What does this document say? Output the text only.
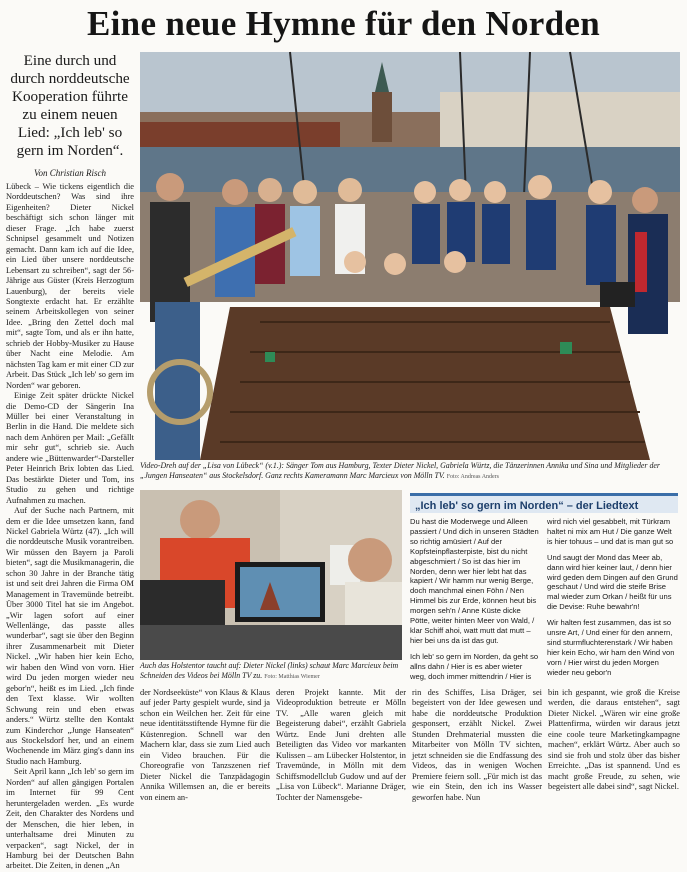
Eine neue Hymne für den Norden
Eine durch und durch norddeutsche Kooperation führte zu einem neuen Lied: „Ich leb' so gern im Norden“.
Von Christian Risch

Lübeck – Wie tickens eigentlich die Norddeutschen? Was sind ihre Eigenheiten? Dieter Nickel beschäftigt sich schon länger mit dieser Frage. „Ich habe zuerst Schnipsel gesammelt und Notizen gemacht. Dann kam ich auf die Idee, ein Lied über unsere norddeutsche Lebensart zu schreiben“, sagt der 56-Jährige aus Güster (Kreis Herzogtum Lauenburg), der bereits viele Songtexte erdacht hat. Er erzählte seinem Arbeitskollegen von seiner Idee. „Bring den Zettel doch mal mit“, sagte Tom, und als er ihn hatte, schrieb der Hobby-Musiker zu Hause über Nacht eine Melodie. Am nächsten Tag kam er mit einer CD zur Arbeit. Das Stück „Ich leb' so gern im Norden“ war geboren.

Einige Zeit später drückte Nickel die Demo-CD der Sängerin Ina Müller bei einer Veranstaltung in Berlin in die Hand. Die meldete sich nach dem Anhören per Mail: „Gefällt mir sehr gut“, schrieb sie. Auch andere wie „Büttenwarder“-Darsteller Peter Heinrich Brix lobten das Lied. Das bestärkte Dieter und Tom, ins Studio zu gehen und richtige Aufnahmen zu machen.

Auf der Suche nach Partnern, mit dem er die Idee umsetzen kann, fand Nickel Gabriela Würtz (47). „Ich will die norddeutsche Musik vorantreiben. Wir müssen den Bayern ja Paroli bieten“, sagt die Musikmanagerin, die schon 30 Jahre in der Branche tätig ist und seit drei Jahren die Firma OM Management in Travemünde betreibt. Über 3000 Titel hat sie im Angebot. „Wir lagen sofort auf einer Wellenlänge, das passte alles wunderbar“, sagt sie über den Beginn ihrer Zusammenarbeit mit Dieter Nickel. „Wir haben hier kein Echo, wir haben den Wind von vorn. Hier wird Du jeden morgen wieder neu gebor'n“, heißt es im Lied. „Ich finde den Text klasse. Wir wollten Schwung rein und eben etwas anders.“ Würtz stellte den Kontakt zum Kinderchor „Junge Hanseaten“ aus Stockelsdorf her, und an einem Wochenende im März ging's dann ins Studio nach Hamburg.

Seit April kann „Ich leb' so gern im Norden“ auf allen gängigen Portalen im Internet für 99 Cent heruntergeladen werden. „Es wurde Zeit, den Charakter des Nordens und der Menschen, die hier leben, in unterhaltsame drei Minuten zu verpacken“, sagt Nickel, der in Hamburg bei der Deutschen Bahn arbeitet. Die Zeiten, in denen „An

Video-Dreh auf der „Lisa von Lübeck“ (v.1.): Sänger Tom aus Hamburg, Texter Dieter Nickel, Gabriela Würtz, die Tänzerinnen Annika und Sina und Mitglieder der „Jungen Hanseaten“ aus Stockelsdorf. Ganz rechts Kameramann Marc Marcieux von Mölln TV. Foto: Andreas Anders
Auch das Holstentor taucht auf: Dieter Nickel (links) schaut Marc Marcieux beim Schneiden des Videos bei Mölln TV zu. Foto: Matthias Wiemer
„Ich leb' so gern im Norden“ – der Liedtext

Du hast die Moderwege und Alleen passiert / Und dich in unseren Städten so richtig amüsiert / Auf der Kopfsteinpflasterpiste, bist du nicht abgeschmiert / So ist das hier im Norden, denn wer hier lebt hat das kapiert / Wir hamm nur wenig Berge, doch manchmal einen Föhn / Nen Himmel bis zur Erde, können heut bis morgen seh'n / Anne Küste dicke Pötte, weiter hinten Meer von Wald, / klar Schiff ahoi, watt mutt dat mutt – hier bei uns da ist das gut.

Ich leb' so gern im Norden, da geht so allns dahn / Hier is es aber wieter weg, doch immer mittendrin / Hier is

wird nich viel gesabbelt, mit Türkram haltet ni mix am Hut / Die ganze Welt is hier tohuus – und dat is man gut so

Und saugt der Mond das Meer ab, dann wird hier keiner laut, / denn hier wird geden dem Dingen auf den Grund geschaut / Und wird die steife Brise mal wieder zum Orkan / heißt für uns die Devise: Ruhe bewahr'n!

Wir halten fest zusammen, das ist so unsre Art, / Und einer für den annern, sind sturmfluchterenstark / Wir haben hier kein Echo, wir ham den Wind von vorn / Hier wirst du jeden Morgen wieder neu gebor'n

der Nordseeküste“ von Klaus & Klaus auf jeder Party gespielt wurde, sind ja schon ein Weilchen her. Zeit für eine neue identitätsstiftende Hymne für die Küstenregion. Schnell war den Machern klar, dass sie zum Lied auch ein Video brauchen. Für die Choreografie von Tanzszenen rief Dieter Nickel die Tanzpädagogin Annika Willemsen an, die er bereits von einem an-

deren Projekt kannte. Mit der Videoproduktion betreute er Mölln TV. „Alle waren gleich mit Begeisterung dabei“, erzählt Gabriela Würtz. Ende Juni drehten alle Beteiligten das Video vor markanten Kulissen – am Lübecker Holstentor, in Travemünde, in Mölln mit dem Schiffsmodellclub Gudow und auf der „Lisa von Lübeck“. Marianne Dräger, Tochter der Namensgebe-

rin des Schiffes, Lisa Dräger, sei begeistert von der Idee gewesen und habe die norddeutsche Produktion gesponsert, erzählt Nickel. Zwei Stunden Drehmaterial mussten die Mitarbeiter von Mölln TV sichten, jetzt schneiden sie die Endfassung des Videos, das in wenigen Wochen Premiere feiern soll. „Für mich ist das wie ein Stein, den ich ins Wasser geworfen habe. Nun

bin ich gespannt, wie groß die Kreise werden, die daraus entstehen“, sagt Dieter Nickel. „Wären wir eine große Plattenfirma, würden wir daraus jetzt eine coole teure Marketingkampagne machen“, erklärt Würtz. Aber auch so sind sie froh und stolz über das bisher Erreichte. „Das ist spannend. Und es macht große Freude, zu sehen, wie begeistert alle dabei sind“, sagt Nickel.
